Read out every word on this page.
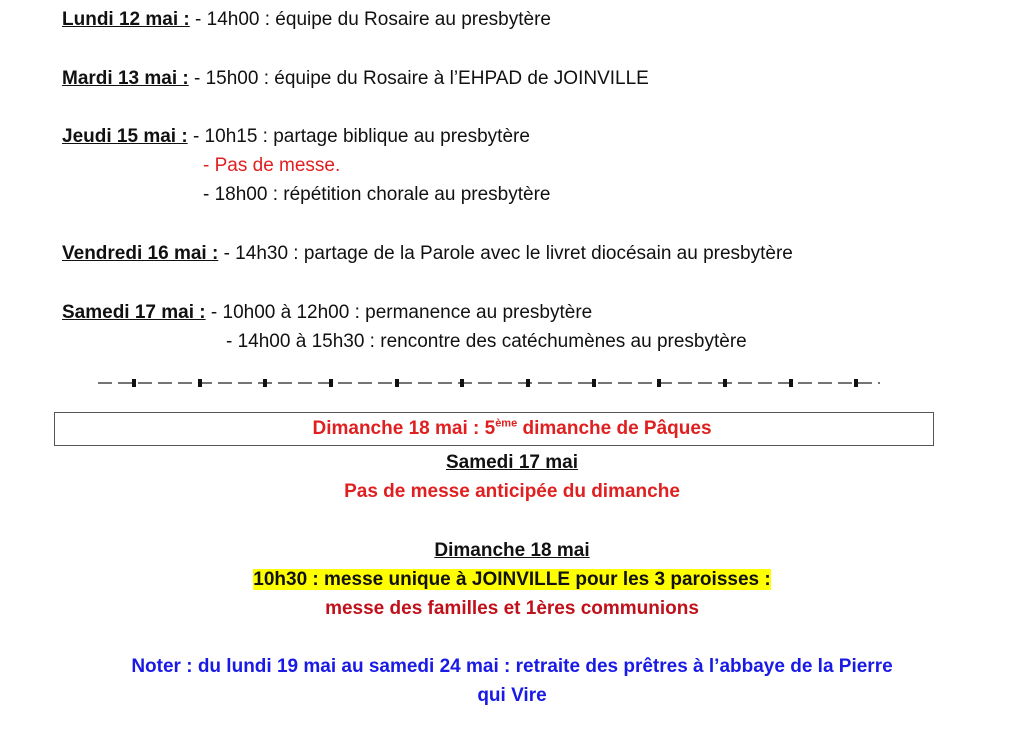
Lundi 12 mai : - 14h00 : équipe du Rosaire au presbytère
Mardi 13 mai : - 15h00 : équipe du Rosaire à l’EHPAD de JOINVILLE
Jeudi 15 mai : - 10h15 : partage biblique au presbytère
- Pas de messe.
- 18h00 : répétition chorale au presbytère
Vendredi 16 mai : - 14h30 : partage de la Parole avec le livret diocésain au presbytère
Samedi 17 mai : - 10h00 à 12h00 : permanence au presbytère
- 14h00 à 15h30 : rencontre des catéchumènes au presbytère
Dimanche 18 mai : 5ème dimanche de Pâques
Samedi 17 mai
Pas de messe anticipée du dimanche
Dimanche 18 mai
10h30 : messe unique à JOINVILLE pour les 3 paroisses :
messe des familles et 1ères communions
Noter : du lundi 19 mai au samedi 24 mai : retraite des prêtres à l’abbaye de la Pierre
qui Vire
